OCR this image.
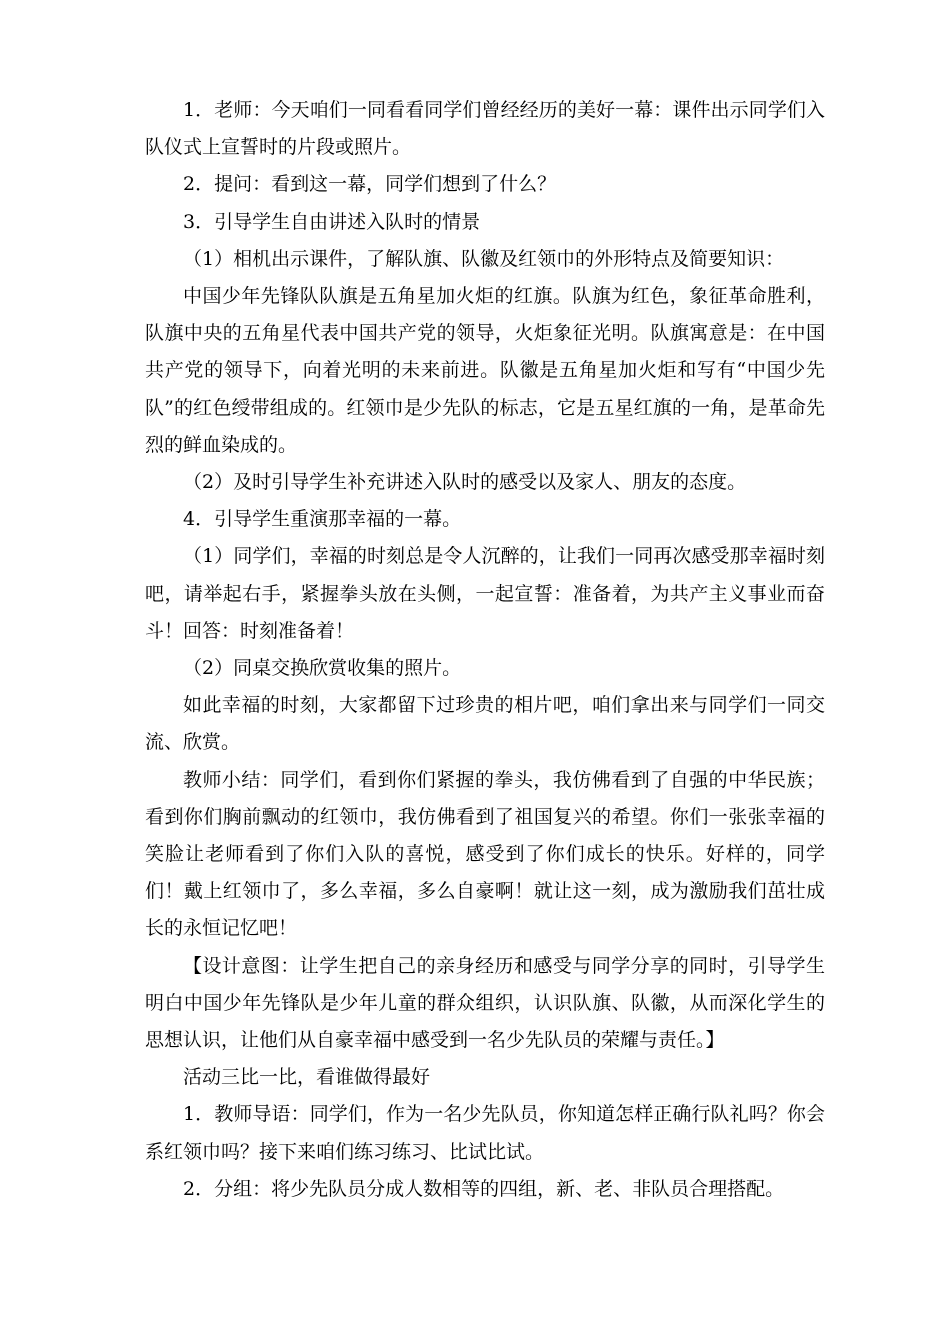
1．老师：今天咱们一同看看同学们曾经经历的美好一幕：课件出示同学们入队仪式上宣誓时的片段或照片。

2．提问：看到这一幕，同学们想到了什么？

3．引导学生自由讲述入队时的情景

（1）相机出示课件，了解队旗、队徽及红领巾的外形特点及简要知识：

中国少年先锋队队旗是五角星加火炬的红旗。队旗为红色，象征革命胜利，队旗中央的五角星代表中国共产党的领导，火炬象征光明。队旗寓意是：在中国共产党的领导下，向着光明的未来前进。队徽是五角星加火炬和写有“中国少先队”的红色绶带组成的。红领巾是少先队的标志，它是五星红旗的一角，是革命先烈的鲜血染成的。

（2）及时引导学生补充讲述入队时的感受以及家人、朋友的态度。

4．引导学生重演那幸福的一幕。

（1）同学们，幸福的时刻总是令人沉醉的，让我们一同再次感受那幸福时刻吧，请举起右手，紧握拳头放在头侧，一起宣誓：准备着，为共产主义事业而奋斗！回答：时刻准备着！

（2）同桌交换欣赏收集的照片。

如此幸福的时刻，大家都留下过珍贵的相片吧，咱们拿出来与同学们一同交流、欣赏。

教师小结：同学们，看到你们紧握的拳头，我仿佛看到了自强的中华民族；看到你们胸前飘动的红领巾，我仿佛看到了祖国复兴的希望。你们一张张幸福的笑脸让老师看到了你们入队的喜悦，感受到了你们成长的快乐。好样的，同学们！戴上红领巾了，多么幸福，多么自豪啊！就让这一刻，成为激励我们茁壮成长的永恒记忆吧！

【设计意图：让学生把自己的亲身经历和感受与同学分享的同时，引导学生明白中国少年先锋队是少年儿童的群众组织，认识队旗、队徽，从而深化学生的思想认识，让他们从自豪幸福中感受到一名少先队员的荣耀与责任。】

活动三比一比，看谁做得最好

1．教师导语：同学们，作为一名少先队员，你知道怎样正确行队礼吗？你会系红领巾吗？接下来咱们练习练习、比试比试。

2．分组：将少先队员分成人数相等的四组，新、老、非队员合理搭配。
